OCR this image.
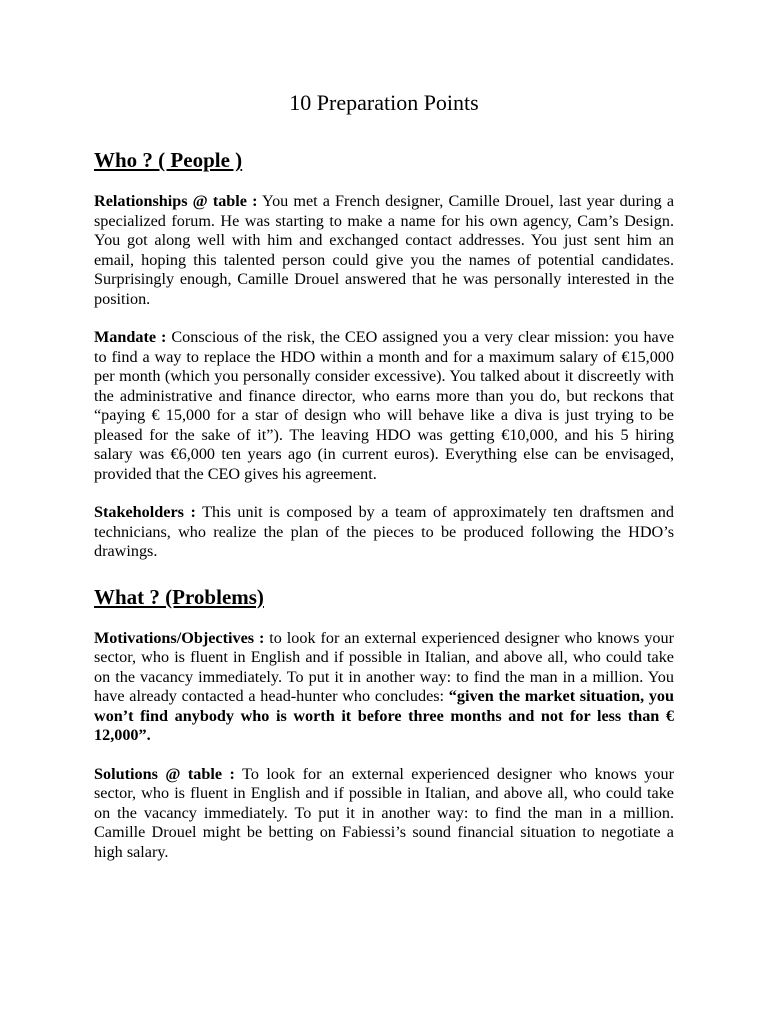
10 Preparation Points
Who ? ( People )

Relationships @ table : You met a French designer, Camille Drouel, last year during a specialized forum. He was starting to make a name for his own agency, Cam’s Design. You got along well with him and exchanged contact addresses. You just sent him an email, hoping this talented person could give you the names of potential candidates. Surprisingly enough, Camille Drouel answered that he was personally interested in the position.

Mandate : Conscious of the risk, the CEO assigned you a very clear mission: you have to find a way to replace the HDO within a month and for a maximum salary of €15,000 per month (which you personally consider excessive). You talked about it discreetly with the administrative and finance director, who earns more than you do, but reckons that “paying € 15,000 for a star of design who will behave like a diva is just trying to be pleased for the sake of it”). The leaving HDO was getting €10,000, and his 5 hiring salary was €6,000 ten years ago (in current euros). Everything else can be envisaged, provided that the CEO gives his agreement.

Stakeholders : This unit is composed by a team of approximately ten draftsmen and technicians, who realize the plan of the pieces to be produced following the HDO’s drawings.

What ? (Problems)

Motivations/Objectives : to look for an external experienced designer who knows your sector, who is fluent in English and if possible in Italian, and above all, who could take on the vacancy immediately. To put it in another way: to find the man in a million. You have already contacted a head-hunter who concludes: “given the market situation, you won’t find anybody who is worth it before three months and not for less than € 12,000”.

Solutions @ table : To look for an external experienced designer who knows your sector, who is fluent in English and if possible in Italian, and above all, who could take on the vacancy immediately. To put it in another way: to find the man in a million. Camille Drouel might be betting on Fabiessi’s sound financial situation to negotiate a high salary.
